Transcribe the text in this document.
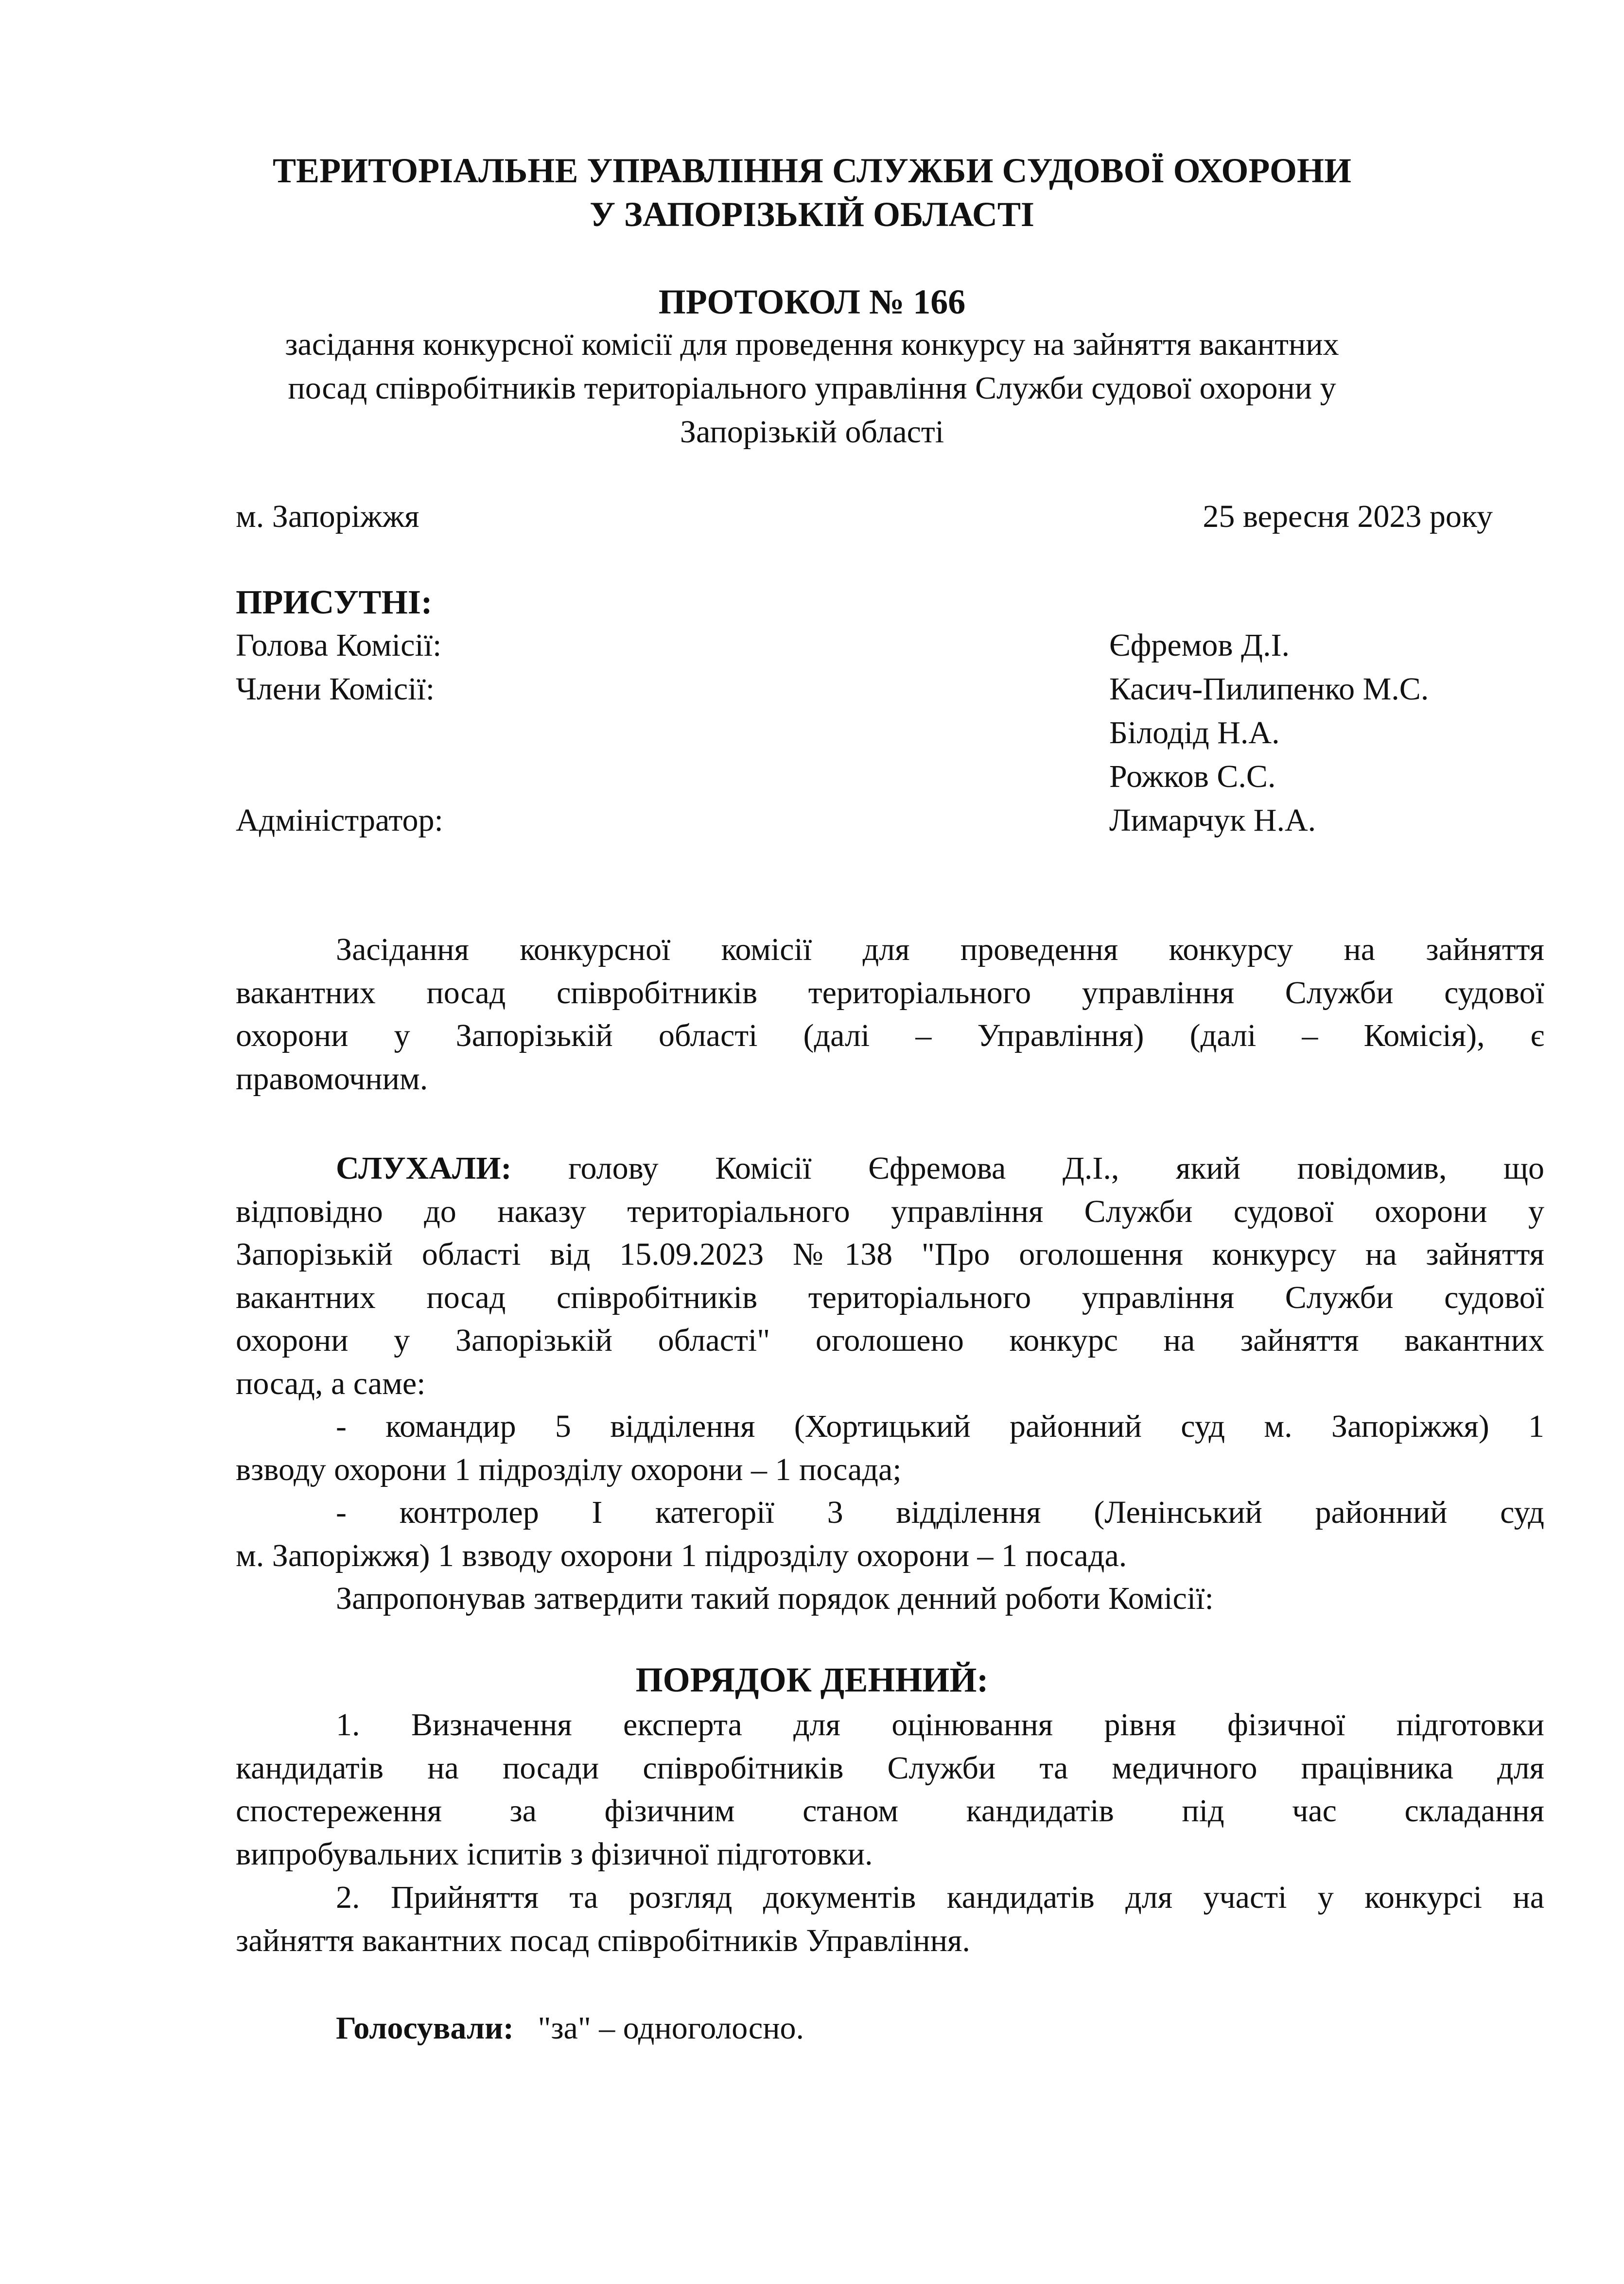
ТЕРИТОРІАЛЬНЕ УПРАВЛІННЯ СЛУЖБИ СУДОВОЇ ОХОРОНИ
У ЗАПОРІЗЬКІЙ ОБЛАСТІ
ПРОТОКОЛ № 166
засідання конкурсної комісії для проведення конкурсу на зайняття вакантних
посад співробітників територіального управління Служби судової охорони у
Запорізькій області
м. Запоріжжя	25 вересня 2023 року
ПРИСУТНІ:
Голова Комісії:	Єфремов Д.І.
Члени Комісії:	Касич-Пилипенко М.С.
Білодід Н.А.
Рожков С.С.
Адміністратор:	Лимарчук Н.А.
Засідання конкурсної комісії для проведення конкурсу на зайняття
вакантних посад співробітників територіального управління Служби судової
охорони у Запорізькій області (далі – Управління) (далі – Комісія), є
правомочним.
СЛУХАЛИ: голову Комісії Єфремова Д.І., який повідомив, що
відповідно до наказу територіального управління Служби судової охорони у
Запорізькій області від 15.09.2023 №138 "Про оголошення конкурсу на зайняття
вакантних посад співробітників територіального управління Служби судової
охорони у Запорізькій області" оголошено конкурс на зайняття вакантних
посад, а саме:
- командир 5 відділення (Хортицький районний суд м. Запоріжжя) 1
взводу охорони 1 підрозділу охорони – 1 посада;
- контролер I категорії 3 відділення (Ленінський районний суд
м. Запоріжжя) 1 взводу охорони 1 підрозділу охорони – 1 посада.
Запропонував затвердити такий порядок денний роботи Комісії:
ПОРЯДОК ДЕННИЙ:
1. Визначення експерта для оцінювання рівня фізичної підготовки
кандидатів на посади співробітників Служби та медичного працівника для
спостереження за фізичним станом кандидатів під час складання
випробувальних іспитів з фізичної підготовки.
2. Прийняття та розгляд документів кандидатів для участі у конкурсі на
зайняття вакантних посад співробітників Управління.
Голосували: "за" – одноголосно.
